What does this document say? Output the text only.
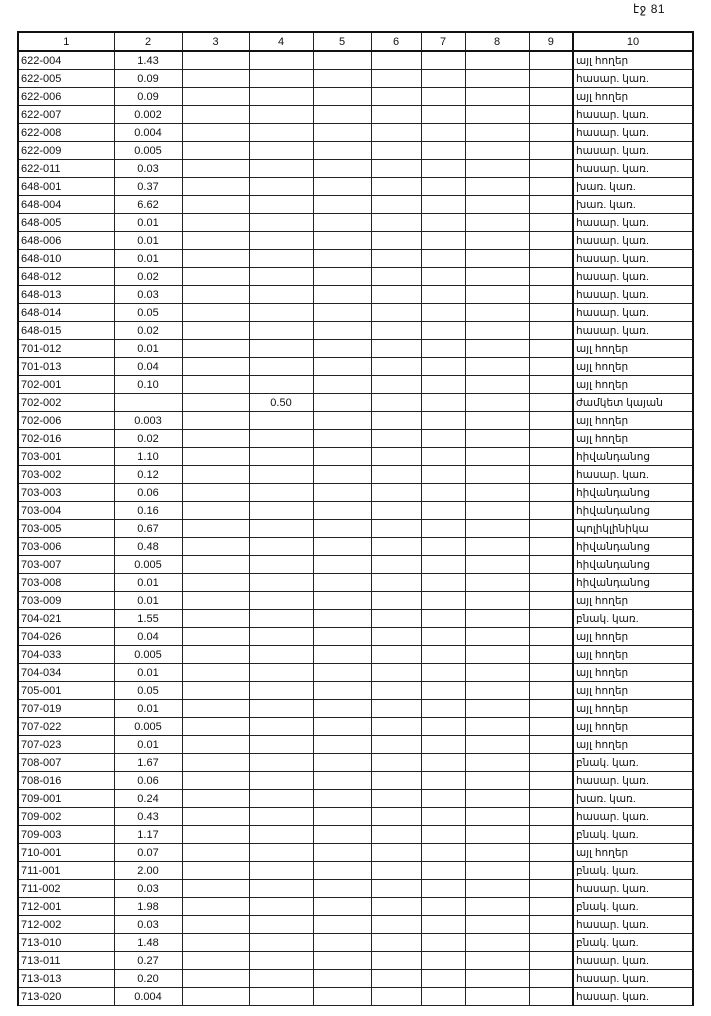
էջ 81
1	2	3	4	5	6	7	8	9	10
622-004	1.43								այլ հողեր
622-005	0.09								հասար. կառ.
622-006	0.09								այլ հողեր
622-007	0.002								հասար. կառ.
622-008	0.004								հասար. կառ.
622-009	0.005								հասար. կառ.
622-011	0.03								հասար. կառ.
648-001	0.37								խառ. կառ.
648-004	6.62								խառ. կառ.
648-005	0.01								հասար. կառ.
648-006	0.01								հասար. կառ.
648-010	0.01								հասար. կառ.
648-012	0.02								հասար. կառ.
648-013	0.03								հասար. կառ.
648-014	0.05								հասար. կառ.
648-015	0.02								հասար. կառ.
701-012	0.01								այլ հողեր
701-013	0.04								այլ հողեր
702-001	0.10								այլ հողեր
702-002			0.50						ժամկետ կայան
702-006	0.003								այլ հողեր
702-016	0.02								այլ հողեր
703-001	1.10								հիվանդանոց
703-002	0.12								հասար. կառ.
703-003	0.06								հիվանդանոց
703-004	0.16								հիվանդանոց
703-005	0.67								պոլիկլինիկա
703-006	0.48								հիվանդանոց
703-007	0.005								հիվանդանոց
703-008	0.01								հիվանդանոց
703-009	0.01								այլ հողեր
704-021	1.55								բնակ. կառ.
704-026	0.04								այլ հողեր
704-033	0.005								այլ հողեր
704-034	0.01								այլ հողեր
705-001	0.05								այլ հողեր
707-019	0.01								այլ հողեր
707-022	0.005								այլ հողեր
707-023	0.01								այլ հողեր
708-007	1.67								բնակ. կառ.
708-016	0.06								հասար. կառ.
709-001	0.24								խառ. կառ.
709-002	0.43								հասար. կառ.
709-003	1.17								բնակ. կառ.
710-001	0.07								այլ հողեր
711-001	2.00								բնակ. կառ.
711-002	0.03								հասար. կառ.
712-001	1.98								բնակ. կառ.
712-002	0.03								հասար. կառ.
713-010	1.48								բնակ. կառ.
713-011	0.27								հասար. կառ.
713-013	0.20								հասար. կառ.
713-020	0.004								հասար. կառ.
